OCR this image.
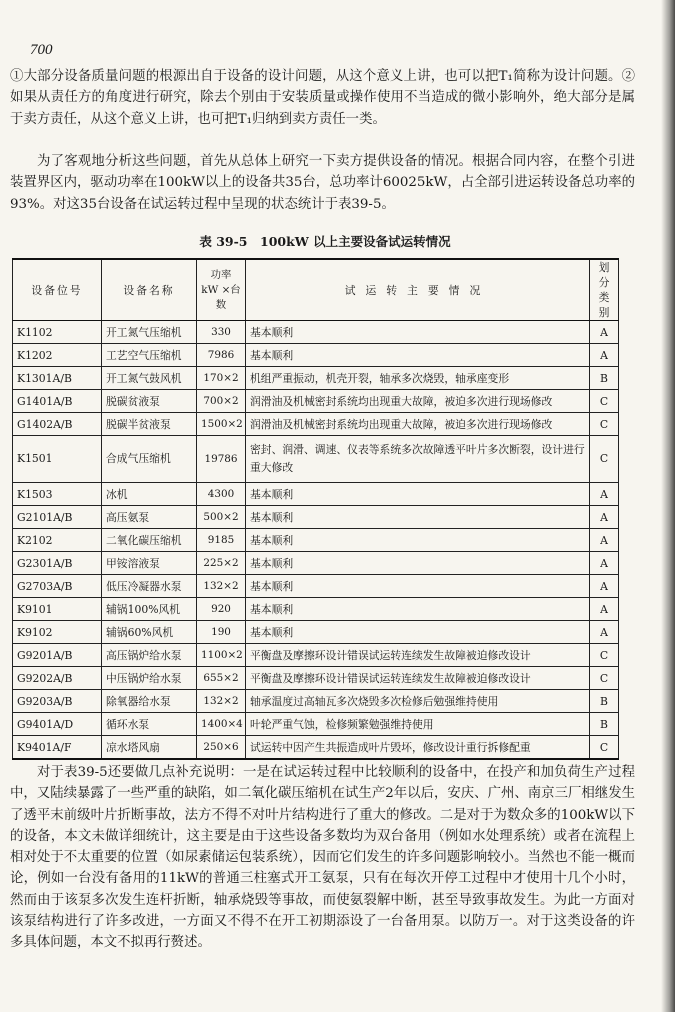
700

①大部分设备质量问题的根源出自于设备的设计问题，从这个意义上讲，也可以把T₁简称为设计问题。②如果从责任方的角度进行研究，除去个别由于安装质量或操作使用不当造成的微小影响外，绝大部分是属于卖方责任，从这个意义上讲，也可把T₁归纳到卖方责任一类。

为了客观地分析这些问题，首先从总体上研究一下卖方提供设备的情况。根据合同内容，在整个引进装置界区内，驱动功率在100kW以上的设备共35台，总功率计60025kW，占全部引进运转设备总功率的93%。对这35台设备在试运转过程中呈现的状态统计于表39-5。

表 39-5　100kW 以上主要设备试运转情况
设备位号	设备名称	功率 kW ×台数	试运转主要情况	划分类别
K1102	开工氮气压缩机	330	基本顺利	A
K1202	工艺空气压缩机	7986	基本顺利	A
K1301A/B	开工氮气鼓风机	170×2	机组严重振动，机壳开裂，轴承多次烧毁，轴承座变形	B
G1401A/B	脱碳贫液泵	700×2	润滑油及机械密封系统均出现重大故障，被迫多次进行现场修改	C
G1402A/B	脱碳半贫液泵	1500×2	润滑油及机械密封系统均出现重大故障，被迫多次进行现场修改	C
K1501	合成气压缩机	19786	密封、润滑、调速、仪表等系统多次故障透平叶片多次断裂，设计进行重大修改	C
K1503	冰机	4300	基本顺利	A
G2101A/B	高压氨泵	500×2	基本顺利	A
K2102	二氧化碳压缩机	9185	基本顺利	A
G2301A/B	甲铵溶液泵	225×2	基本顺利	A
G2703A/B	低压冷凝器水泵	132×2	基本顺利	A
K9101	辅锅100%风机	920	基本顺利	A
K9102	辅锅60%风机	190	基本顺利	A
G9201A/B	高压锅炉给水泵	1100×2	平衡盘及摩擦环设计错误试运转连续发生故障被迫修改设计	C
G9202A/B	中压锅炉给水泵	655×2	平衡盘及摩擦环设计错误试运转连续发生故障被迫修改设计	C
G9203A/B	除氧器给水泵	132×2	轴承温度过高轴瓦多次烧毁多次检修后勉强维持使用	B
G9401A/D	循环水泵	1400×4	叶轮严重气蚀，检修频繁勉强维持使用	B
K9401A/F	凉水塔风扇	250×6	试运转中因产生共振造成叶片毁坏，修改设计重行拆修配重	C

对于表39-5还要做几点补充说明：一是在试运转过程中比较顺利的设备中，在投产和加负荷生产过程中，又陆续暴露了一些严重的缺陷，如二氧化碳压缩机在试生产2年以后，安庆、广州、南京三厂相继发生了透平末前级叶片折断事故，法方不得不对叶片结构进行了重大的修改。二是对于为数众多的100kW以下的设备，本文未做详细统计，这主要是由于这些设备多数均为双台备用（例如水处理系统）或者在流程上相对处于不太重要的位置（如尿素储运包装系统），因而它们发生的许多问题影响较小。当然也不能一概而论，例如一台没有备用的11kW的普通三柱塞式开工氨泵，只有在每次开停工过程中才使用十几个小时，然而由于该泵多次发生连杆折断，轴承烧毁等事故，而使氨裂解中断，甚至导致事故发生。为此一方面对该泵结构进行了许多改进，一方面又不得不在开工初期添设了一台备用泵。以防万一。对于这类设备的许多具体问题，本文不拟再行赘述。
